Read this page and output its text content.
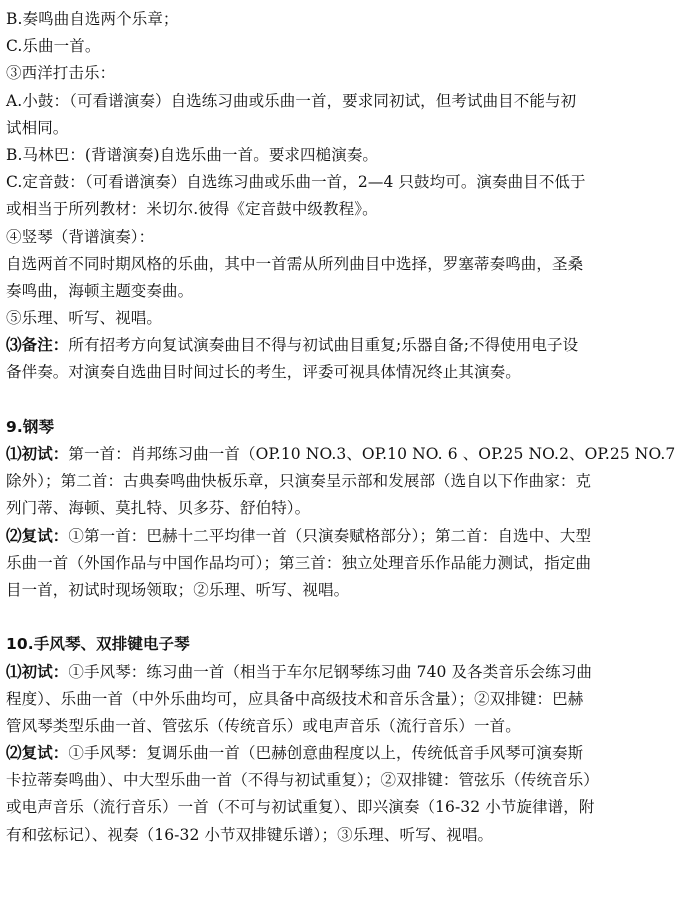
B.奏鸣曲自选两个乐章；
C.乐曲一首。
③西洋打击乐：
A.小鼓：（可看谱演奏）自选练习曲或乐曲一首，要求同初试，但考试曲目不能与初
试相同。
B.马林巴：(背谱演奏)自选乐曲一首。要求四槌演奏。
C.定音鼓：（可看谱演奏）自选练习曲或乐曲一首，2—4 只鼓均可。演奏曲目不低于
或相当于所列教材：米切尔.彼得《定音鼓中级教程》。
④竖琴（背谱演奏）：
自选两首不同时期风格的乐曲，其中一首需从所列曲目中选择，罗塞蒂奏鸣曲，圣桑
奏鸣曲，海顿主题变奏曲。
⑤乐理、听写、视唱。
⑶备注：所有招考方向复试演奏曲目不得与初试曲目重复;乐器自备;不得使用电子设
备伴奏。对演奏自选曲目时间过长的考生，评委可视具体情况终止其演奏。
9.钢琴
⑴初试：第一首：肖邦练习曲一首（OP.10 NO.3、OP.10 NO. 6 、OP.25 NO.2、OP.25 NO.7
除外）；第二首：古典奏鸣曲快板乐章，只演奏呈示部和发展部（选自以下作曲家：克
列门蒂、海顿、莫扎特、贝多芬、舒伯特）。
⑵复试：①第一首：巴赫十二平均律一首（只演奏赋格部分）；第二首：自选中、大型
乐曲一首（外国作品与中国作品均可）；第三首：独立处理音乐作品能力测试，指定曲
目一首，初试时现场领取；②乐理、听写、视唱。
10.手风琴、双排键电子琴
⑴初试：①手风琴：练习曲一首（相当于车尔尼钢琴练习曲 740 及各类音乐会练习曲
程度）、乐曲一首（中外乐曲均可，应具备中高级技术和音乐含量）；②双排键：巴赫
管风琴类型乐曲一首、管弦乐（传统音乐）或电声音乐（流行音乐）一首。
⑵复试：①手风琴：复调乐曲一首（巴赫创意曲程度以上，传统低音手风琴可演奏斯
卡拉蒂奏鸣曲）、中大型乐曲一首（不得与初试重复）；②双排键：管弦乐（传统音乐）
或电声音乐（流行音乐）一首（不可与初试重复）、即兴演奏（16-32 小节旋律谱，附
有和弦标记）、视奏（16-32 小节双排键乐谱）；③乐理、听写、视唱。
